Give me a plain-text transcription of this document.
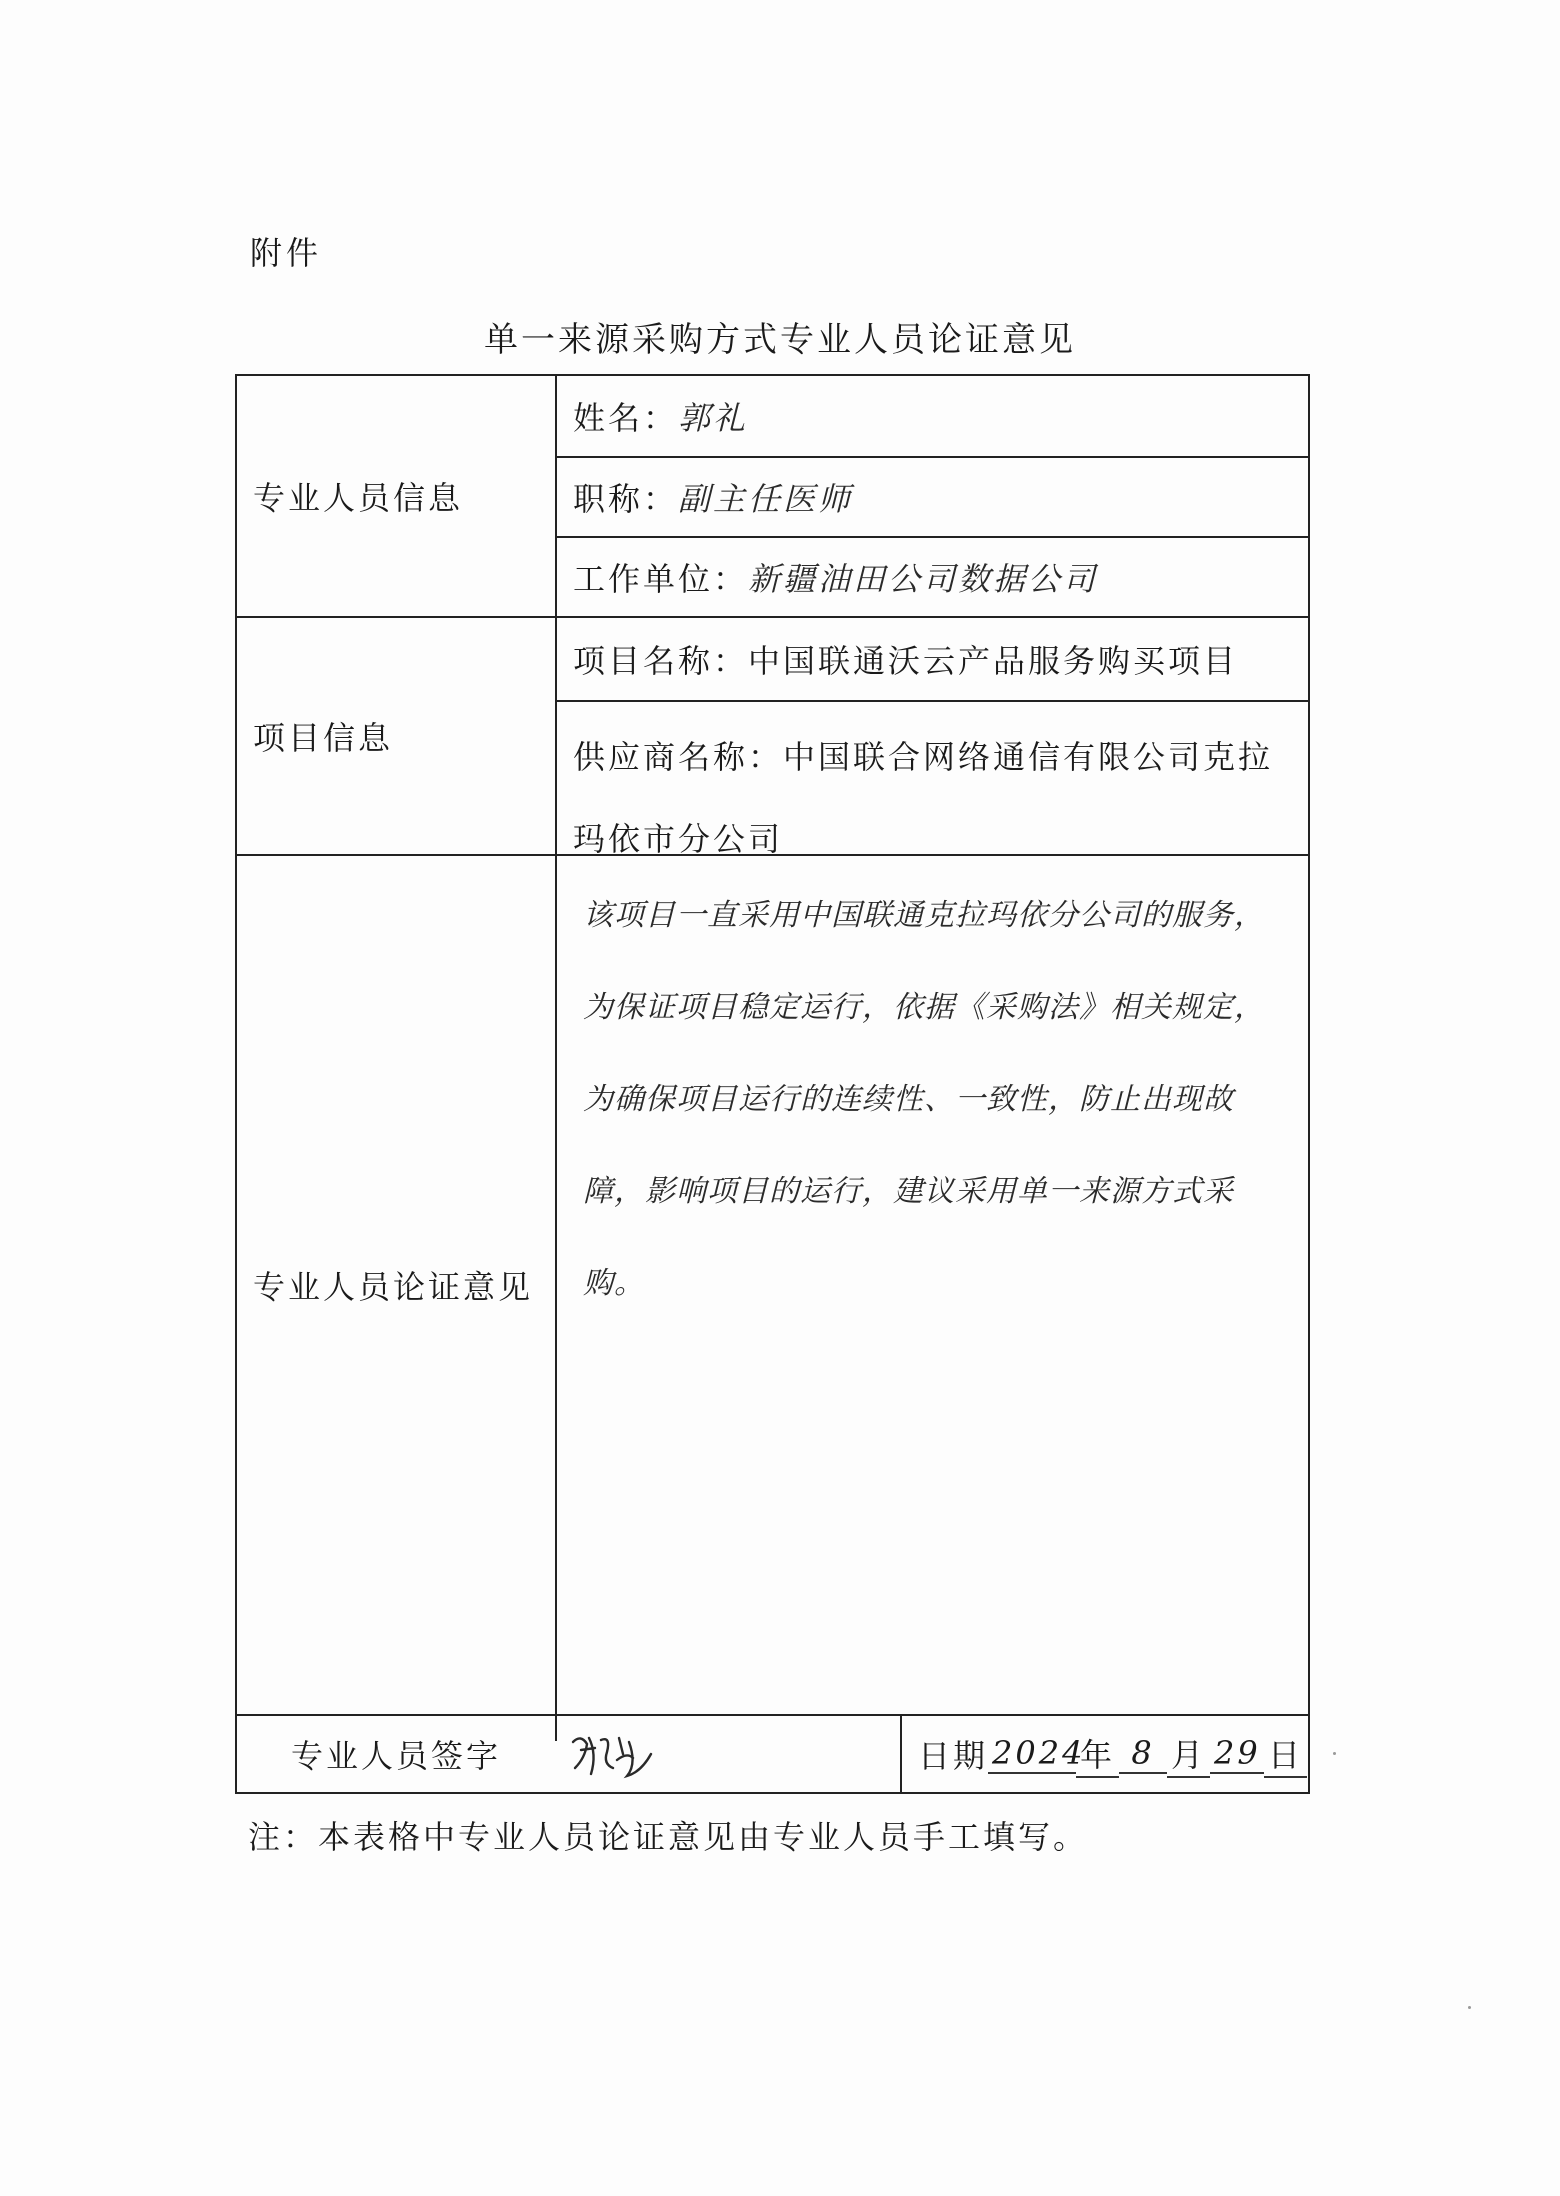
附件
单一来源采购方式专业人员论证意见
专业人员信息
姓名： 郭礼
职称： 副主任医师
工作单位： 新疆油田公司数据公司
项目信息
项目名称： 中国联通沃云产品服务购买项目
供应商名称：中国联合网络通信有限公司克拉玛依市分公司
专业人员论证意见
该项目一直采用中国联通克拉玛依分公司的服务，为保证项目稳定运行，依据《采购法》相关规定，为确保项目运行的连续性、一致性，防止出现故障，影响项目的运行，建议采用单一来源方式采购。
专业人员签字	日期 2024
年 8 月 29 日
注：本表格中专业人员论证意见由专业人员手工填写。
